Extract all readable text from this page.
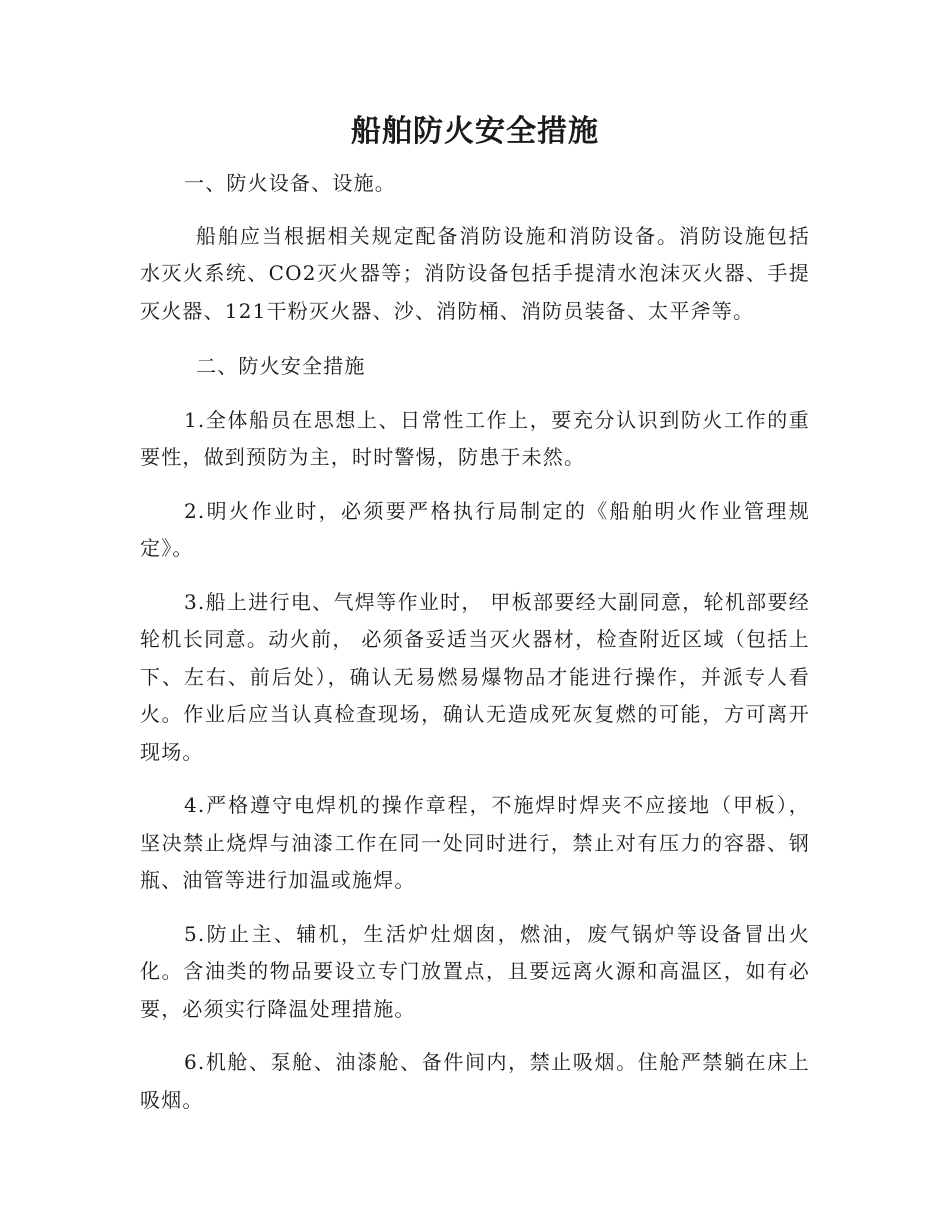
船舶防火安全措施

一、防火设备、设施。

船舶应当根据相关规定配备消防设施和消防设备。消防设施包括水灭火系统、CO2灭火器等；消防设备包括手提清水泡沫灭火器、手提灭火器、121干粉灭火器、沙、消防桶、消防员装备、太平斧等。

二、防火安全措施

1.全体船员在思想上、日常性工作上，要充分认识到防火工作的重要性，做到预防为主，时时警惕，防患于未然。

2.明火作业时，必须要严格执行局制定的《船舶明火作业管理规定》。

3.船上进行电、气焊等作业时， 甲板部要经大副同意，轮机部要经轮机长同意。动火前， 必须备妥适当灭火器材，检查附近区域（包括上下、左右、前后处），确认无易燃易爆物品才能进行操作，并派专人看火。作业后应当认真检查现场，确认无造成死灰复燃的可能，方可离开现场。

4.严格遵守电焊机的操作章程，不施焊时焊夹不应接地（甲板），坚决禁止烧焊与油漆工作在同一处同时进行，禁止对有压力的容器、钢瓶、油管等进行加温或施焊。

5.防止主、辅机，生活炉灶烟囱，燃油，废气锅炉等设备冒出火化。含油类的物品要设立专门放置点，且要远离火源和高温区，如有必要，必须实行降温处理措施。

6.机舱、泵舱、油漆舱、备件间内，禁止吸烟。住舱严禁躺在床上吸烟。
